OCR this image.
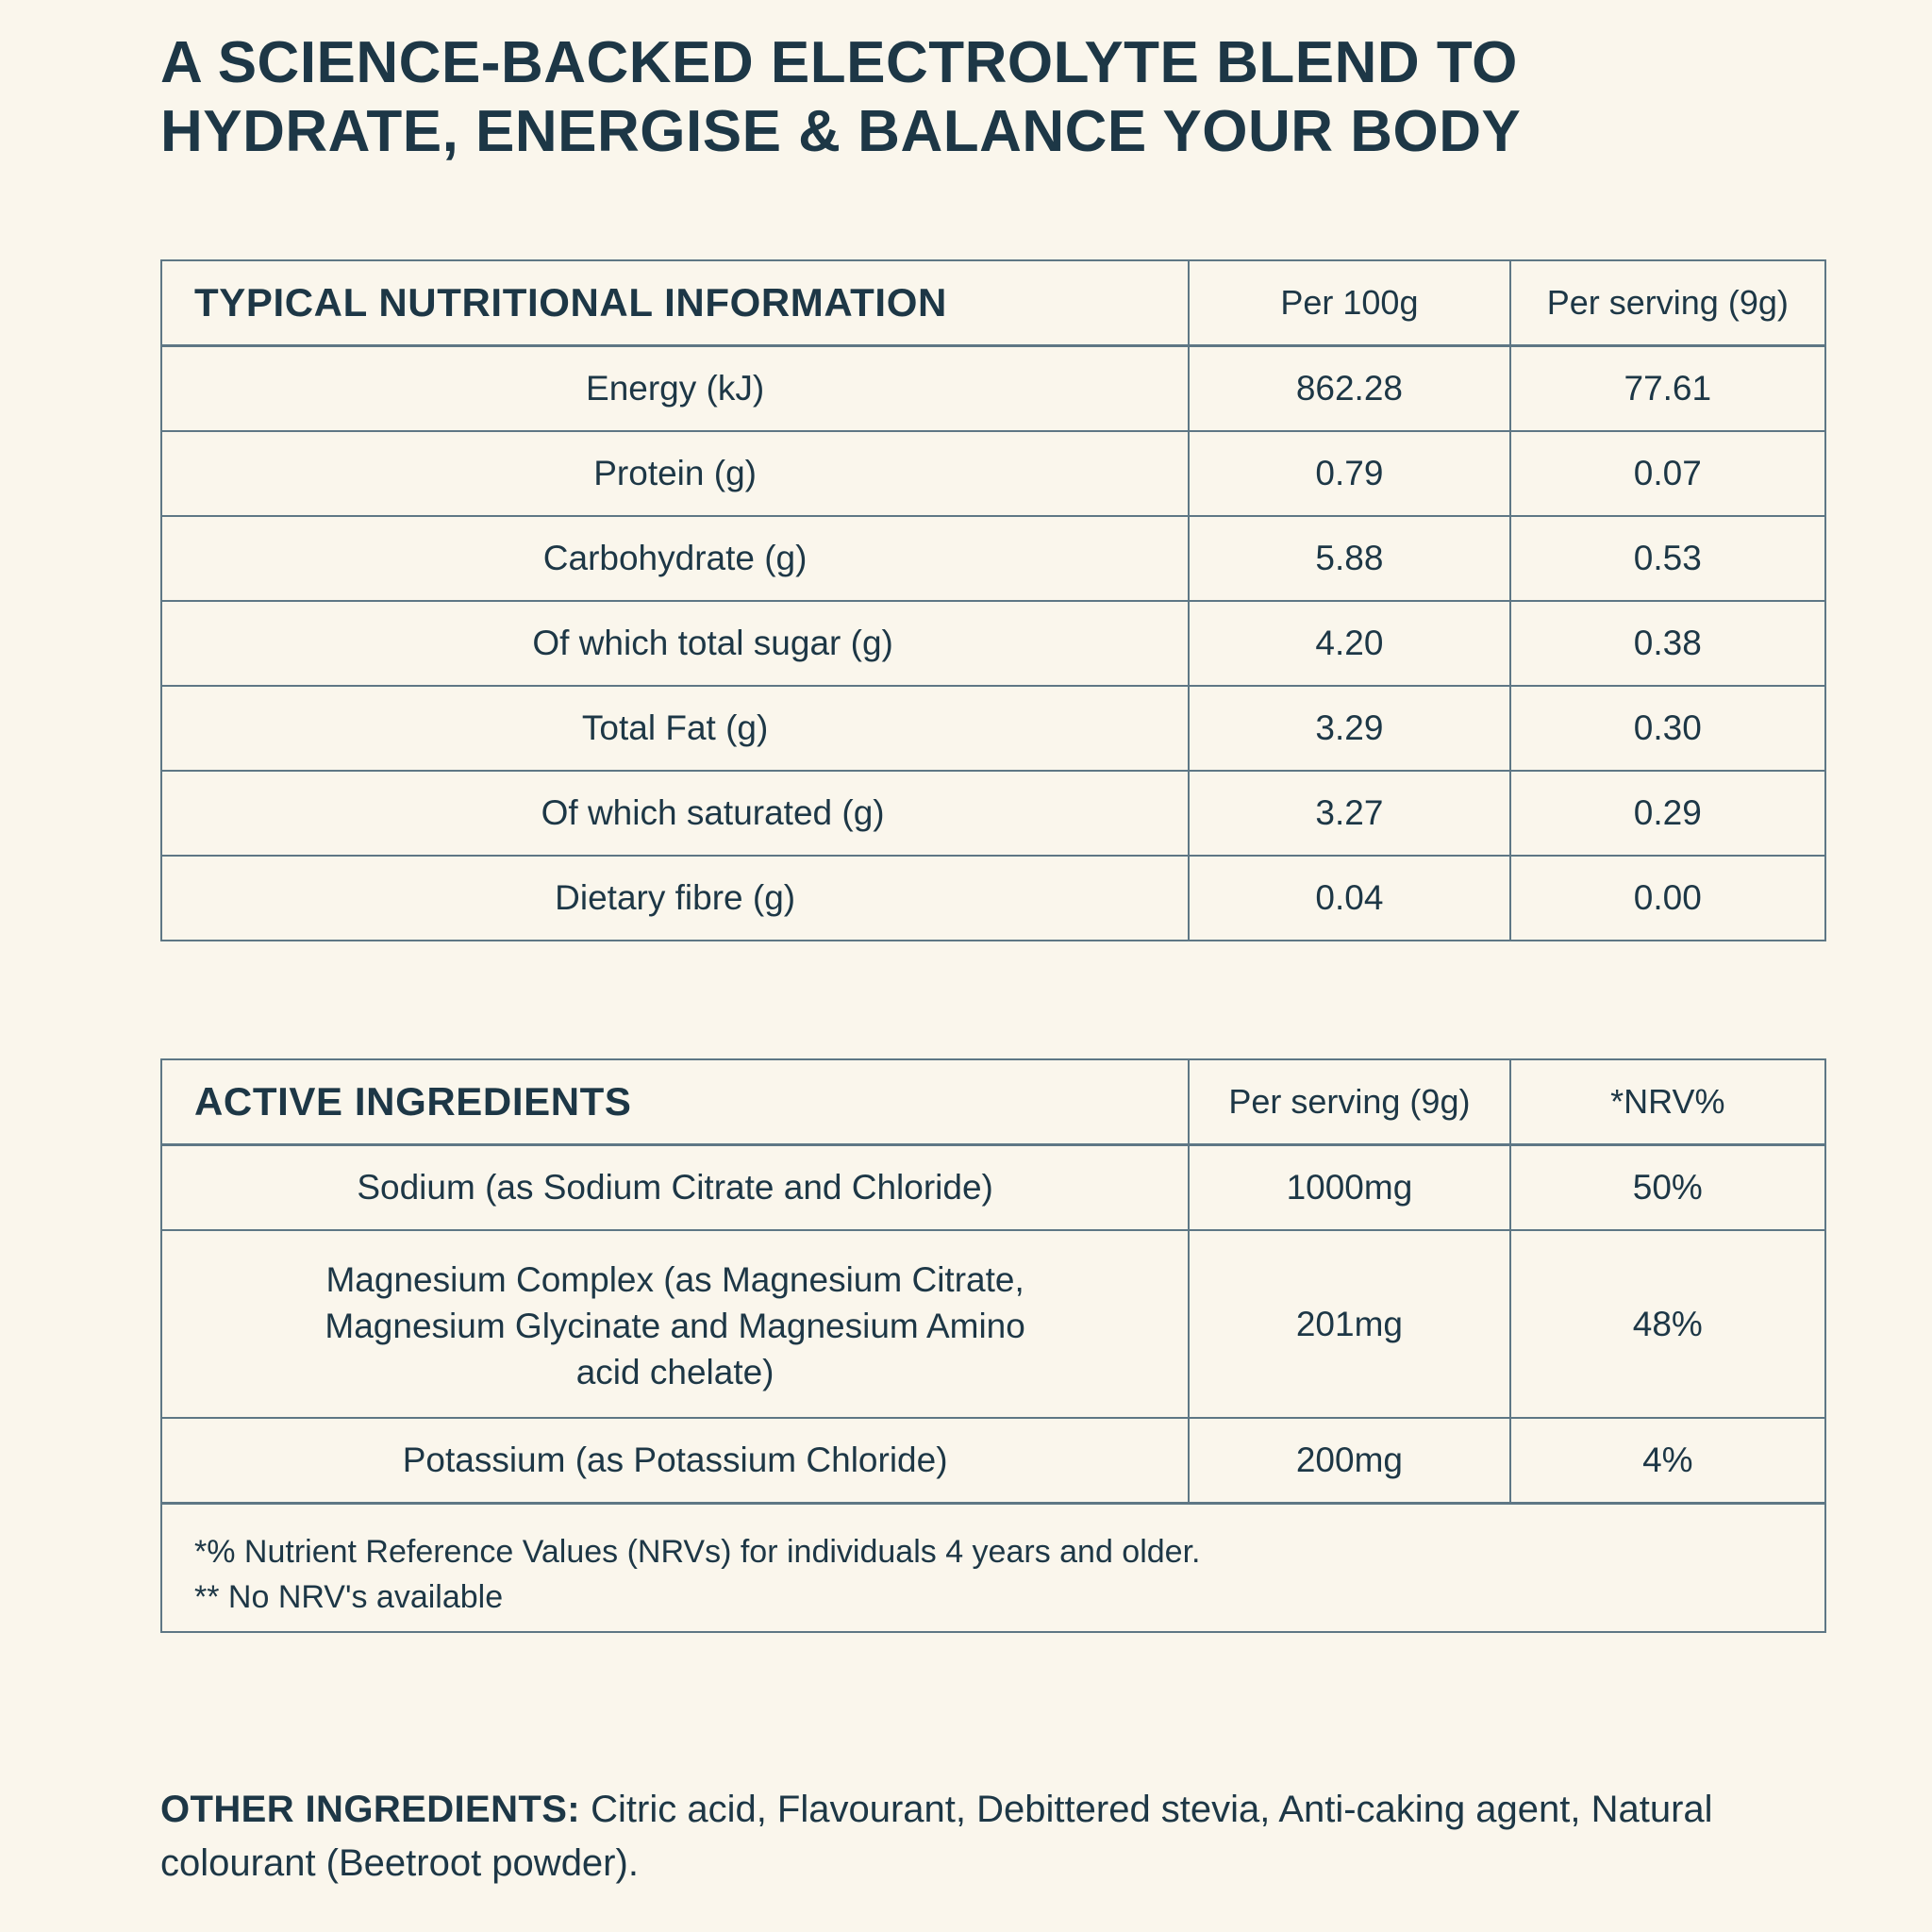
A SCIENCE-BACKED ELECTROLYTE BLEND TO
HYDRATE, ENERGISE & BALANCE YOUR BODY
TYPICAL NUTRITIONAL INFORMATION	Per 100g	Per serving (9g)
Energy (kJ)	862.28	77.61
Protein (g)	0.79	0.07
Carbohydrate (g)	5.88	0.53
Of which total sugar (g)	4.20	0.38
Total Fat (g)	3.29	0.30
Of which saturated (g)	3.27	0.29
Dietary fibre (g)	0.04	0.00
ACTIVE INGREDIENTS	Per serving (9g)	*NRV%
Sodium (as Sodium Citrate and Chloride)	1000mg	50%

Magnesium Complex (as Magnesium Citrate,
Magnesium Glycinate and Magnesium Amino
acid chelate)	201mg	48%
Potassium (as Potassium Chloride)	200mg	4%

*% Nutrient Reference Values (NRVs) for individuals 4 years and older.
** No NRV's available		
OTHER INGREDIENTS: Citric acid, Flavourant, Debittered stevia, Anti-caking agent, Natural colourant (Beetroot powder).
